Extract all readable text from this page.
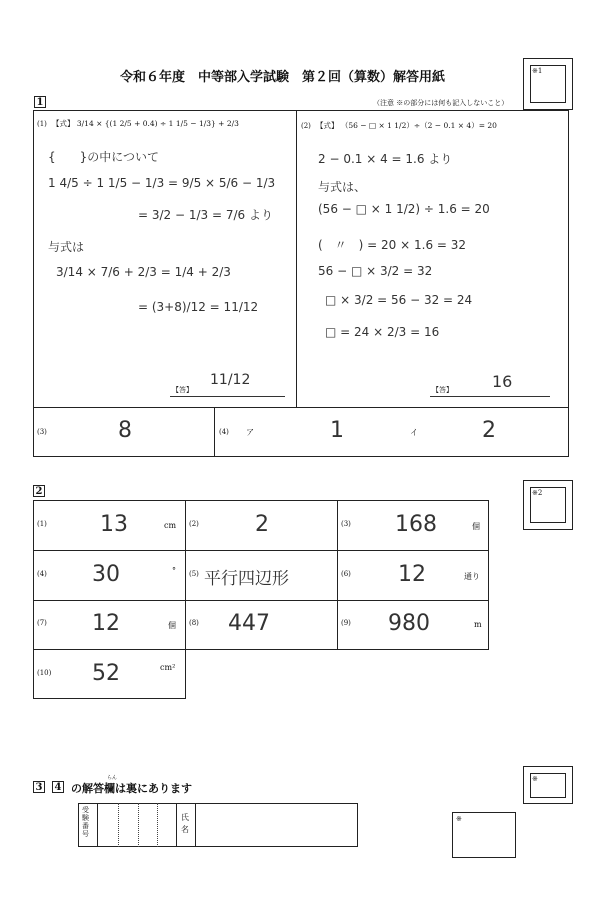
令和６年度　中等部入学試験　第２回（算数）解答用紙	※1
1	（注意 ※の部分には何も記入しないこと）
(1) 【式】 3/14 × {(1 2/5 + 0.4) ÷ 1 1/5 − 1/3} + 2/3
{　　}の中について
1 4/5 ÷ 1 1/5 − 1/3 = 9/5 × 5/6 − 1/3
= 3/2 − 1/3 = 7/6 より
与式は
3/14 × 7/6 + 2/3 = 1/4 + 2/3
= (3+8)/12 = 11/12
【答】
11/12
(2) 【式】 （56 − □ × 1 1/2）÷（2 − 0.1 × 4）= 20
2 − 0.1 × 4 = 1.6 より
与式は、
(56 − □ × 1 1/2) ÷ 1.6 = 20
(　〃　) = 20 × 1.6 = 32
56 − □ × 3/2 = 32
□ × 3/2 = 56 − 32 = 24
□ = 24 × 2/3 = 16
【答】 16
(3)	8	(4) ア	1	イ	2
2	※2
(1) 13	cm (2)	2	(3) 168	個
(4) 30	° (5) 平行四辺形	(6) 12	通り
(7) 12	個 (8) 447	(9) 980	m
(10) 52	cm²
3 4
らん
の解答欄は裏にあります
※
受験番号
氏名
※
